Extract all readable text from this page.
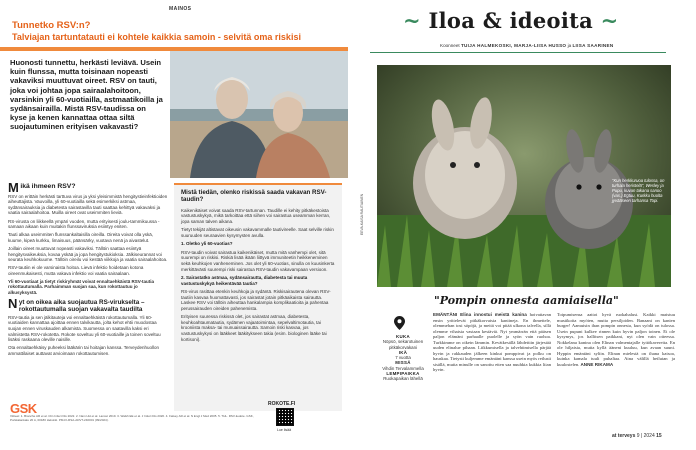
MAINOS
Tunnetko RSV:n?
Talviajan tartuntatauti ei kohtele kaikkia samoin - selvitä oma riskisi
Huonosti tunnettu, herkästi leviävä. Usein kuin flunssa, mutta toisinaan nopeasti vakaviksi muuttuvat oireet. RSV on tauti, joka voi johtaa jopa sairaalahoitoon, varsinkin yli 60-vuotiailla, astmaatikoilla ja sydänsairailla. Mistä RSV-taudissa on kyse ja kenen kannattaa ottaa siltä suojautuminen erityisen vakavasti?
Mikä ihmeen RSV?

RSV on erittäin herkästi tarttuva virus ja yksi yleisimmistä hengitystieinfektioiden aiheuttajista. Vauvoilla, yli 60-vuotiailla sekä esimerkiksi astmaa, sydänsairauksia ja diabetesta sairastavilla tauti saattaa kehittyä vakavaksi ja vaatia sairaalahoitoa. Muilla oireet ovat useimmiten lieviä.

RS-virusta on liikkeellä ympäri vuoden, mutta erityisesti joulu-tammikuussa - samaan aikaan kuin muitakin flunssaviruksia esiintyy eniten.

Tauti alkaa useimmiten flunssankaltaisilla oireilla. Oireita voivat olla yskä, kuume, kipeä kurkku, limaisuus, päänsärky, vuotava nenä ja aivastelut.

Joillain oireet muuttuvat nopeasti vakaviksi. Tällöin saattaa esiintyä hengitysvaikeuksia, kovaa yskää ja jopa hengitystukioksia. Jälkiseurannat voi seurata keuhkokuume. Tällöin oireilu voi kestää viikkoja ja vaatia sairaalahoitoa.

RSV-tautiin ei ole varsinaista hoitoa. Lievä infektio hoidetaan kotona oireenmukaisesti, mutta vakava infektio voi vaatia sairaalaan.

Yli 60-vuotiaat ja tietyt riskiryhmät voivat ennaltaehkäistä RSV-tautia rokottautumalla. Parhaimman suojan saa, kun rokottautuu jo alkusyksystä.

Nyt on oikea aika suojautua RS-virukselta – rokottautumalla suojan vakavalta taudilta

RSV-tautia ja sen jälkitauteja voi ennaltaehkäistä rokottautumalla. Yli 60-vuotiaiden kannattaa ajoittaa ennen talvikautta, jolta kehot ehtii muodostaa suojan ennen viruskauden alkamista. Suomessa on saatavilla kaksi eri valmistetta RSV-rokotetta. Rokote soveltuu yli 60-vuotiaille ja toinen soveltuu lisäksi raskaana oleville naisille.

Ota ennaltaehkäisy puheeksi lääkärin tai hoitajan kanssa. Terveydenhuollon ammattilaiset auttavat arvioimaan rokottautumisen.

Mistä tiedän, olenko riskissä saada vakavan RSV-taudin?

Kaikenikäiset voivat saada RSV-tartunnan. Taudille ei kehity pitkäkestoista vastustuskykyä, mikä tarkoittaa että siihen voi sairastua useamman kerran, jopa saman talven aikana.

Tietyt tekijät altistavat oikeusin vakavammalle tautivireelle. Saat selville riskin suuruuden seuraavien kysymysten avulla.

1. Oletko yli 60-vuotias?

RSV-taudin voivat sairastua kaikenikäiset, mutta mitä vanhempi olet, sitä suurempi on riskisi. Riskiä lisää ikään liittyvä immuniteetin heikkeneminen sekä keuhkojen vanheneminen. Jos olet yli 60-vuotias, sinulla on kuusinkerta merkittävästi suurempi riski sairastua RSV-taudin vakavampaan versioon.

2. Sairastatko astmaa, sydänsairautta, diabetesta tai muuta vastustuskykyä heikentävää tautia?

RS-virus rasittaa etenkin keuhkoja ja sydäntä. Riskisairautena olevan RSV-tautiin kasvaa huomattavasti, jos sairastat jotain pitkäaikaista sairautta. Laskee RSV voi tällöin aiheuttaa hankalampia komplikaatioita ja pahentaa perussairauden oireiden pahenemista.

Erityisen suuressa riskissä olet, jos sairastat astmaa, diabetesta, keuhkoahtaumatautia, sydämen vajaatoimintaa, sepelvaltimotautia, tai krooniista maksa- tai munuaissairautta. Samoin riski kasvaa, jos vastustuskykysi on lääkkeet lääkitykseen takia (esim. biologinen lääke tai kortisoni).

GSK	ROKOTE.FI
Lue lisää
Viitteet: 1. Branche AR et al. Clin Infect Dis 2022. 2. Nam HH et al. Lancet 2019. 3. Walsh EE et al. J Infect Dis 2020. 4. Falsey AR et al. N Engl J Med 2005. 5. THL. RSV-tiedote. GSK, Porkkalankatu 20 A, 00180 Helsinki. PM-FI-RSA-ADVT-240001 (09/2024).
~ Iloa & ideoita ~
Koonneet TUIJA HALMEKOSKI, MARJA-LIISA HUSSO ja LIISA SAARINEN
EEVA-KAISA RAUTIAINEN
"Kun herkkuruoa tulossa, on turhala heristelä", Wesley ja Pupu, kuvan takana sanoo (vas.) Egtuu, Kurkku huolta jyvääseen tarhansa Topi.
"Pompin onnesta aamiaisella"
KUKA
Nöpsö, sekarotuinen pitkäkorvakani
IKÄ
7 vuotta
MISSÄ
Vihdin Tervalammella
LEMPIPAIKKA
Ruokapaikan lähellä
EMÄNTÄNI Elina innostui meistä kanina hoivattavan ensin yrittelevät pitkäkorvaisia kaniineja. En ihmettele, olemmehan tosi söpöjä, ja meitä voi pitää ulkona talvella, sillä olemme vihaisia vastaan kestäviä. Nyt ymmärrän että pääsen paljon elämäni parhaalle puolelle ja syön vain ruohoa. Turkkimme on oikein lämmin. Kevätkesällä lähdettiin järjestää uuden elinalue pihaan. Liikkumisella ja talvehtimisella pärjää hyvin ja rakkauden jälkeen kinkut pomppivat ja polku on hauskaa. Tietysti kuljemme emäntäni kanssa usein myös reilusti sisällä, mutta minulle on sanottu etten saa nuuhkia kukkia liian hyvin.
Toipumisensa aattoi hyvä ruokahalusi. Kaikki maistuu mustikoita myöten, mutta persiljoiden. Banaani on kanien burger! Aamuisin ihan pompin onnesta, kun syödä on tulossa. Usein pupuni kulkee rinnen kuin hyvin paljon toinen. Ei ole kysymys, jos hallitsen paikkani, nyt olen vain otteessa. Nokkelana kanina olen Elinan valmentajalle tyttökavereita. En ole hiljaisia, mutta kyllä ääneni kuuluu, kun avaan suuni. Hyppin emäntäni syliin. Elinan mielestä on ihana katsoa, kuinka kamala tuuli puhaltaa. Aina välillä heilutan ja kuulostelen. ANNE RIKAMA
at terveys 9 | 2024 15
